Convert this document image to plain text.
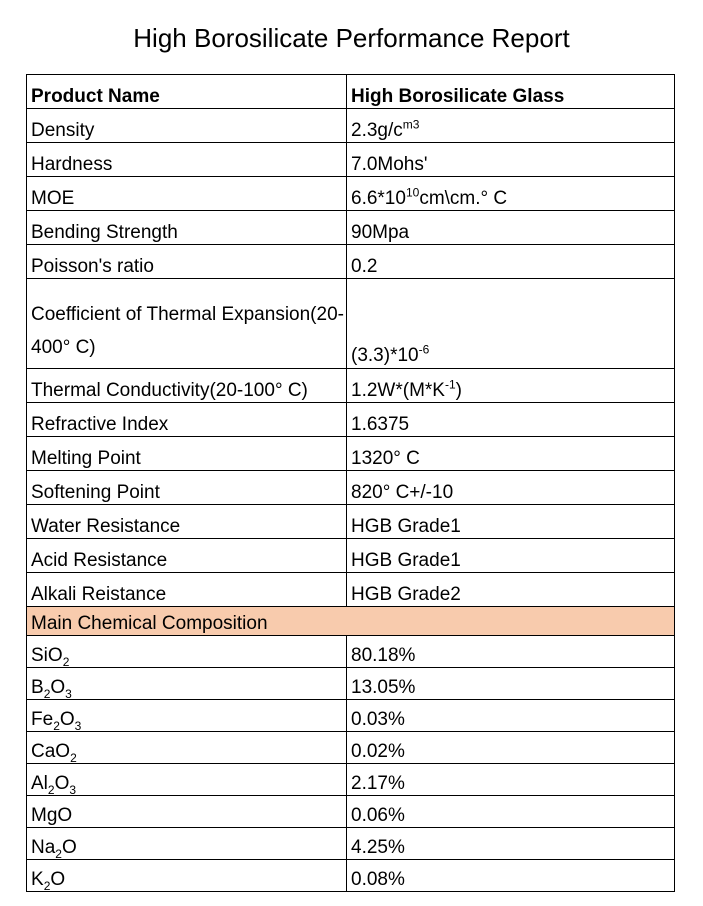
High Borosilicate Performance Report
Product Name	High Borosilicate Glass
Density	$2.3g/c^{m3}$
Hardness	7.0Mohs'
MOE	$6.6*10^{10}cm\backslash cm.^\circ$ C
Bending Strength	90Mpa
Poisson's ratio	0.2

Coefficient of Thermal Expansion(20-400° C)	$(3.3)*10^{-6}$

Thermal Conductivity(20-100° C)	$1.2W*(M*K^{-1})$
Refractive Index	1.6375
Melting Point	1320° C
Softening Point	820° C+/-10
Water Resistance	HGB Grade1
Acid Resistance	HGB Grade1
Alkali Reistance	HGB Grade2
Main Chemical Composition	
SiO$_2$	80.18%
$B_2O_3$	13.05%
$Fe_2O_3$	0.03%
CaO$_2$	0.02%
$Al_2O_3$	2.17%
MgO	0.06%
$Na_2O$	4.25%
$K_2O$	0.08%
